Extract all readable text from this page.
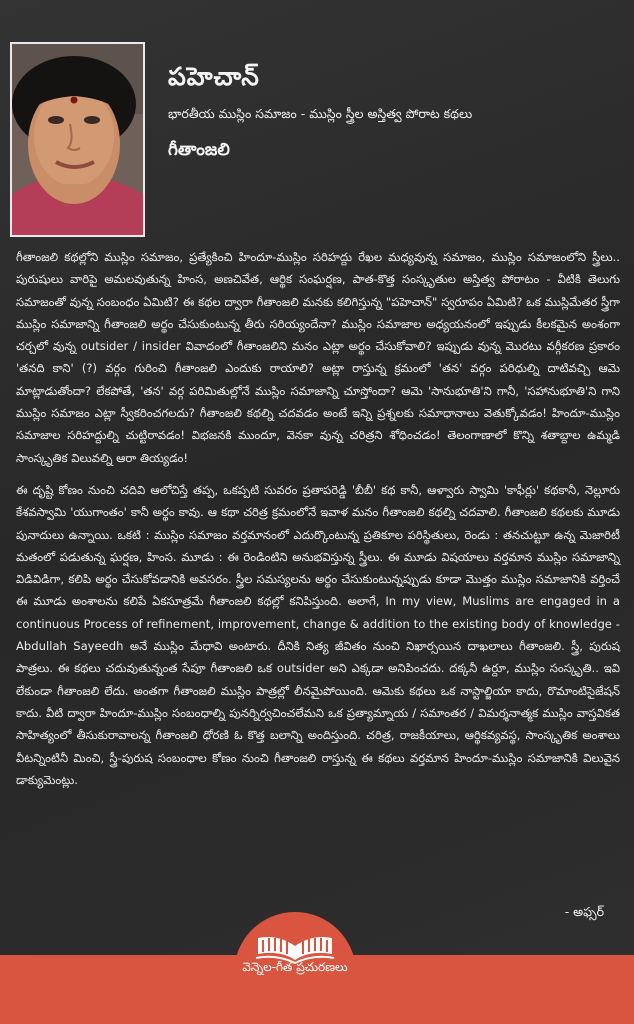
పహెచాన్
భారతీయ ముస్లిం సమాజం - ముస్లిం స్త్రీల అస్తిత్వ పోరాట కథలు
గీతాంజలి

గీతాంజలి కథల్లోని ముస్లిం సమాజం, ప్రత్యేకించి హిందూ-ముస్లిం సరిహద్దు రేఖల మధ్యవున్న సమాజం, ముస్లిం సమాజంలోని స్త్రీలు.. పురుషులు వారిపై అమలవుతున్న హింస, అణచివేత, ఆర్థిక సంఘర్షణ, పాత-కొత్త సంస్కృతుల అస్తిత్వ పోరాటం - వీటికి తెలుగు సమాజంతో వున్న సంబంధం ఏమిటి? ఈ కథల ద్వారా గీతాంజలి మనకు కలిగిస్తున్న "పహెచాన్" స్వరూపం ఏమిటి? ఒక ముస్లిమేతర స్త్రీగా ముస్లిం సమాజాన్ని గీతాంజలి అర్థం చేసుకుంటున్న తీరు సరియ్యందేనా? ముస్లిం సమాజాల అధ్యయనంలో ఇప్పుడు కీలకమైన అంశంగా చర్చలో వున్న outsider / insider వివాదంలో గీతాంజలిని మనం ఎట్లా అర్థం చేసుకోవాలి? ఇప్పుడు వున్న మొరటు వర్గీకరణ ప్రకారం 'తనది కాని' (?) వర్గం గురించి గీతాంజలి ఎందుకు రాయాలి? అట్లా రాస్తున్న క్రమంలో 'తన' వర్గం పరిధుల్ని దాటివచ్చి ఆమె మాట్లాడుతోందా? లేకపోతే, 'తన' వర్గ పరిమితుల్లోనే ముస్లిం సమాజాన్ని చూస్తోందా? ఆమె 'సానుభూతి'ని గానీ, 'సహానుభూతి'ని గాని ముస్లిం సమాజం ఎట్లా స్వీకరించగలదు? గీతాంజలి కథల్ని చదవడం అంటే ఇన్ని ప్రశ్నలకు సమాధానాలు వెతుక్కోవడం! హిందూ-ముస్లిం సమాజాల సరిహద్దుల్ని చుట్టిరావడం! విభజనకి ముందూ, వెనకా వున్న చరిత్రని శోధించడం! తెలంగాణాలో కొన్ని శతాబ్దాల ఉమ్మడి సాంస్కృతిక విలువల్ని ఆరా తియ్యడం!

ఈ దృష్టి కోణం నుంచి చదివి ఆలోచిస్తే తప్ప, ఒకప్పటి సువరం ప్రతాపరెడ్డి 'బీబీ' కథ కానీ, ఆళ్వారు స్వామి 'కాఫీర్లు' కథకానీ, నెల్లూరు కేశవస్వామి 'యుగాంతం' కానీ అర్థం కావు. ఆ కథా చరిత్ర క్రమంలోనే ఇవాళ మనం గీతాంజలి కథల్ని చదవాలి. గీతాంజలి కథలకు మూడు పునాదులు ఉన్నాయి. ఒకటి : ముస్లిం సమాజం వర్తమానంలో ఎదుర్కొంటున్న ప్రతికూల పరిస్థితులు, రెండు : తనచుట్టూ ఉన్న మెజారిటీ మతంలో పడుతున్న ఘర్షణ, హింస. మూడు : ఈ రెండింటిని అనుభవిస్తున్న స్త్రీలు. ఈ మూడు విషయాలు వర్తమాన ముస్లిం సమాజాన్ని విడివిడిగా, కలిపి అర్థం చేసుకోవడానికి అవసరం. స్త్రీల సమస్యలను అర్థం చేసుకుంటున్నప్పుడు కూడా మొత్తం ముస్లిం సమాజానికి వర్తించే ఈ మూడు అంశాలను కలిపే ఏకసూత్రమే గీతాంజలి కథల్లో కనిపిస్తుంది. అలాగే, In my view, Muslims are engaged in a continuous Process of refinement, improvement, change & addition to the existing body of knowledge - Abdullah Sayeedh అనే ముస్లిం మేధావి అంటారు. దీనికి నిత్య జీవితం నుంచి నిఖార్సయిన దాఖలాలు గీతాంజలి. స్త్రీ, పురుష పాత్రలు. ఈ కథలు చదువుతున్నంత సేపూ గీతాంజలి ఒక outsider అని ఎక్కడా అనిపించదు. దక్కనీ ఉర్దూ, ముస్లిం సంస్కృతి.. ఇవి లేకుండా గీతాంజలి లేదు. అంతగా గీతాంజలి ముస్లిం పాత్రల్లో లీనమైపోయింది. ఆమెకు కథలు ఒక నాస్టాల్జియా కాదు, రొమాంటిసైజేషన్ కాదు. వీటి ద్వారా హిందూ-ముస్లిం సంబంధాల్ని పునర్నిర్వచించలేమని ఒక ప్రత్యామ్నాయ / సమాంతర / విమర్శనాత్మక ముస్లిం వాస్తవికత సాహిత్యంలో తీసుకురావాలన్న గీతాంజలి ధోరణి ఓ కొత్త బలాన్ని అందిస్తుంది. చరిత్ర, రాజకీయాలు, ఆర్థికవ్యవస్థ, సాంస్కృతిక అంశాలు వీటన్నింటినీ మించి, స్త్రీ-పురుష సంబంధాల కోణం నుంచి గీతాంజలి రాస్తున్న ఈ కథలు వర్తమాన హిందూ-ముస్లిం సమాజానికి విలువైన డాక్యుమెంట్లు.

- అఫ్సర్
వెన్నెల-గీత ప్రచురణలు
